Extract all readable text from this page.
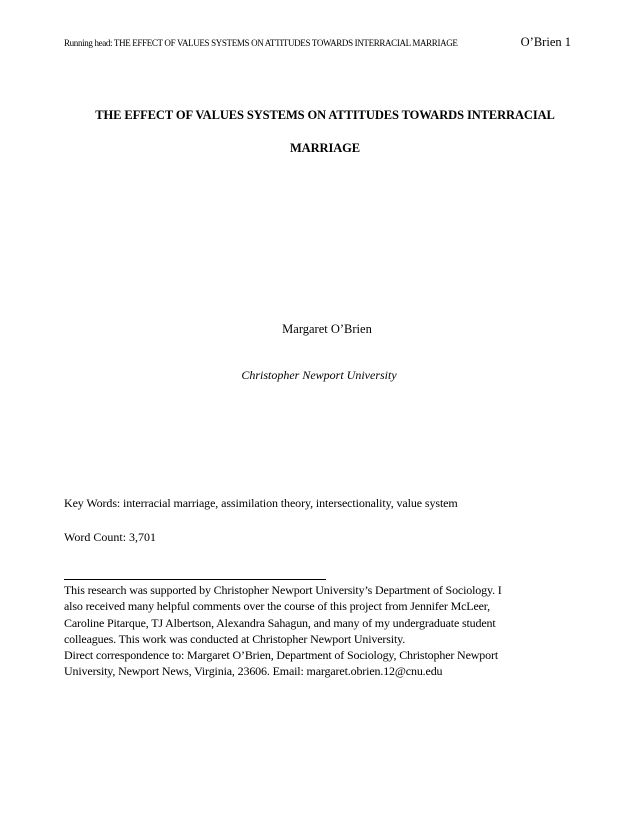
Running head: THE EFFECT OF VALUES SYSTEMS ON ATTITUDES TOWARDS INTERRACIAL MARRIAGE	O’Brien 1
THE EFFECT OF VALUES SYSTEMS ON ATTITUDES TOWARDS INTERRACIAL
MARRIAGE
Margaret O’Brien
Christopher Newport University
Key Words: interracial marriage, assimilation theory, intersectionality, value system
Word Count: 3,701
This research was supported by Christopher Newport University’s Department of Sociology. I
also received many helpful comments over the course of this project from Jennifer McLeer,
Caroline Pitarque, TJ Albertson, Alexandra Sahagun, and many of my undergraduate student
colleagues. This work was conducted at Christopher Newport University.
Direct correspondence to: Margaret O’Brien, Department of Sociology, Christopher Newport
University, Newport News, Virginia, 23606. Email: margaret.obrien.12@cnu.edu
